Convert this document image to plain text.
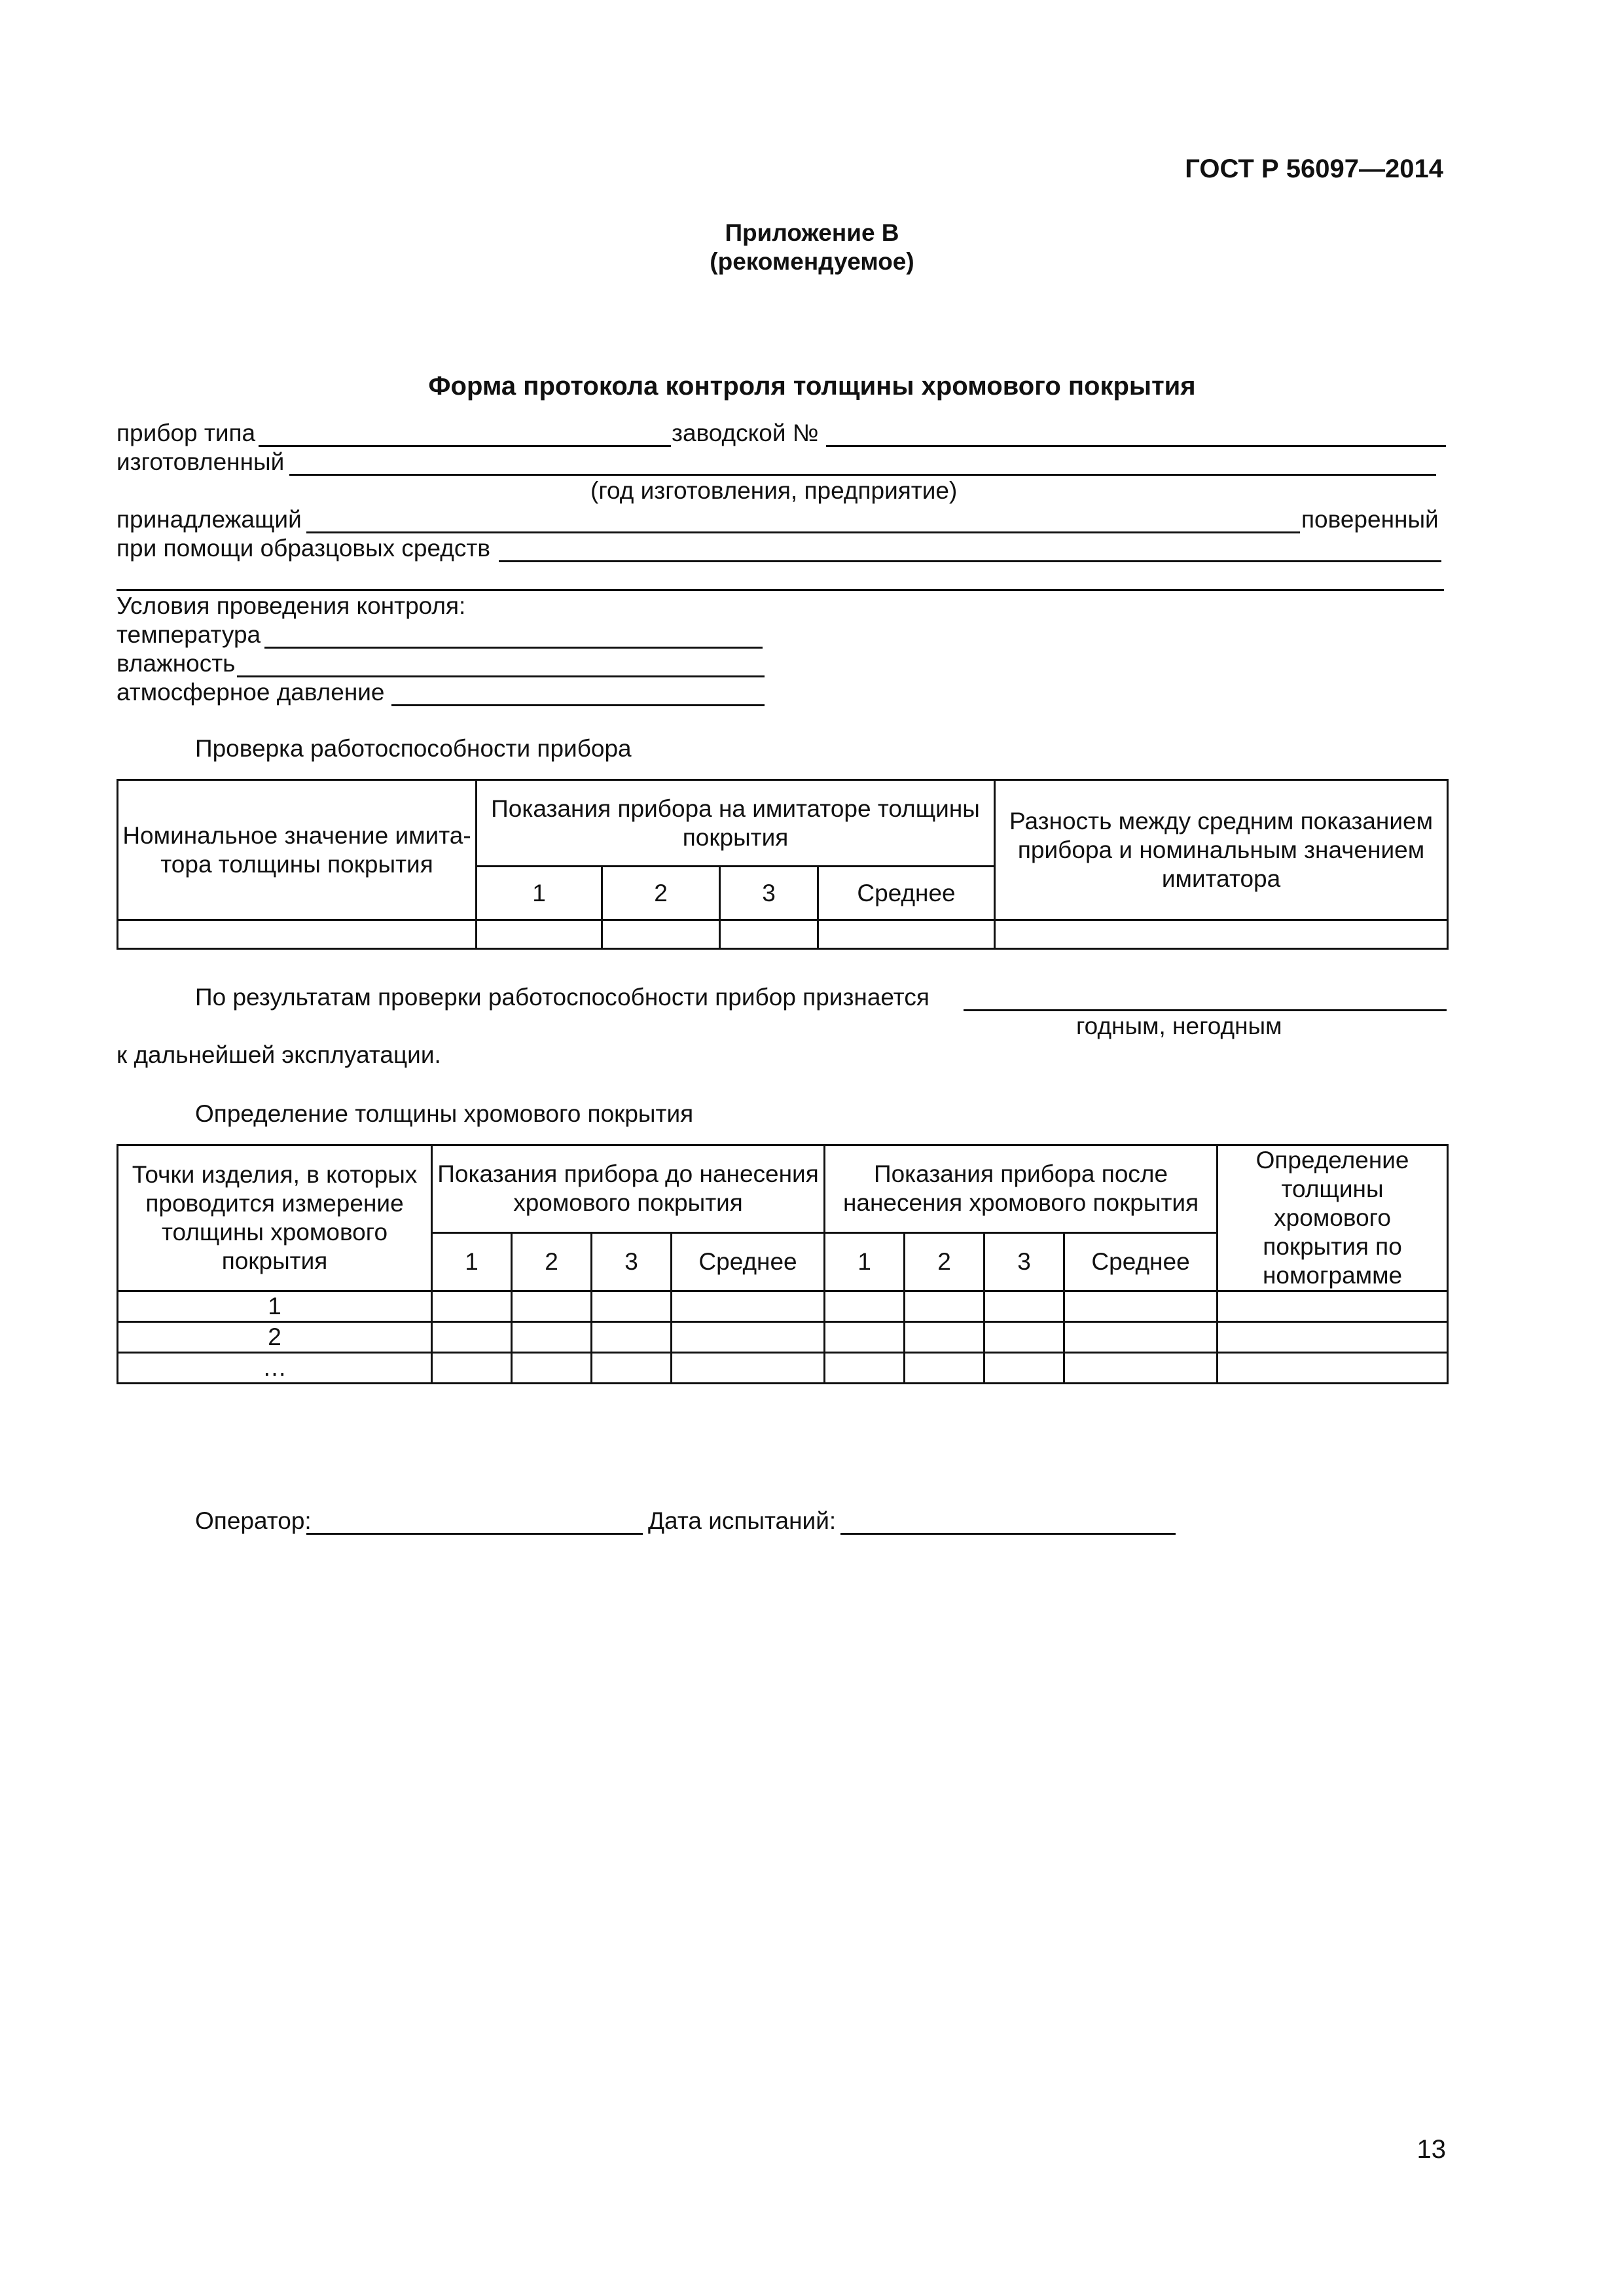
ГОСТ Р 56097—2014
Приложение В
(рекомендуемое)
Форма протокола контроля толщины хромового покрытия
прибор типа	заводской №
изготовленный
(год изготовления, предприятие)
принадлежащий	поверенный
при помощи образцовых средств
Условия проведения контроля:
температура
влажность
атмосферное давление
Проверка работоспособности прибора
Номинальное значение имита-тора толщины покрытия	Показания прибора на имитаторе толщины покрытия				Разность между средним показанием прибора и номинальным значением имитатора
	1	2	3	Среднее	

По результатам проверки работоспособности прибор признается
годным, негодным
к дальнейшей эксплуатации.
Определение толщины хромового покрытия
Точки изделия, в которых проводится измерение толщины хромового покрытия	Показания прибора до нанесения хромового покрытия				Показания прибора после нанесения хромового покрытия				Определение толщины хромового покрытия по номограмме
	1	2	3	Среднее	1	2	3	Среднее	
1									
2									
…									
Оператор:	Дата испытаний:
13
